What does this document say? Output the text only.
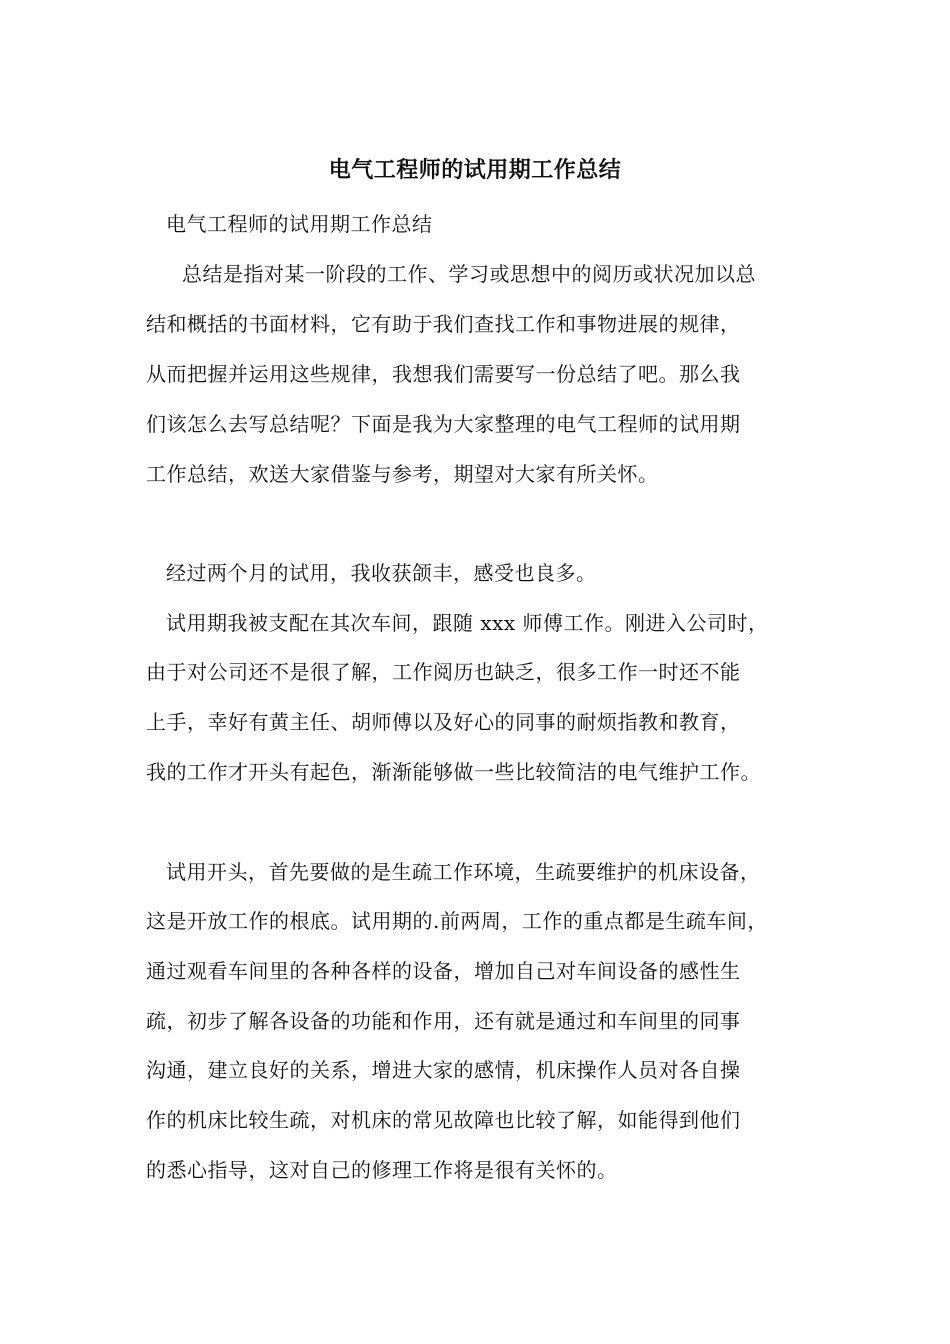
电气工程师的试用期工作总结
电气工程师的试用期工作总结
总结是指对某一阶段的工作、学习或思想中的阅历或状况加以总
结和概括的书面材料，它有助于我们查找工作和事物进展的规律，
从而把握并运用这些规律，我想我们需要写一份总结了吧。那么我
们该怎么去写总结呢？下面是我为大家整理的电气工程师的试用期
工作总结，欢送大家借鉴与参考，期望对大家有所关怀。
经过两个月的试用，我收获颌丰，感受也良多。
试用期我被支配在其次车间，跟随 xxx 师傅工作。刚进入公司时，
由于对公司还不是很了解，工作阅历也缺乏，很多工作一时还不能
上手，幸好有黄主任、胡师傅以及好心的同事的耐烦指教和教育，
我的工作才开头有起色，渐渐能够做一些比较简洁的电气维护工作。
试用开头，首先要做的是生疏工作环境，生疏要维护的机床设备，
这是开放工作的根底。试用期的.前两周，工作的重点都是生疏车间，
通过观看车间里的各种各样的设备，增加自己对车间设备的感性生
疏，初步了解各设备的功能和作用，还有就是通过和车间里的同事
沟通，建立良好的关系，增进大家的感情，机床操作人员对各自操
作的机床比较生疏，对机床的常见故障也比较了解，如能得到他们
的悉心指导，这对自己的修理工作将是很有关怀的。
